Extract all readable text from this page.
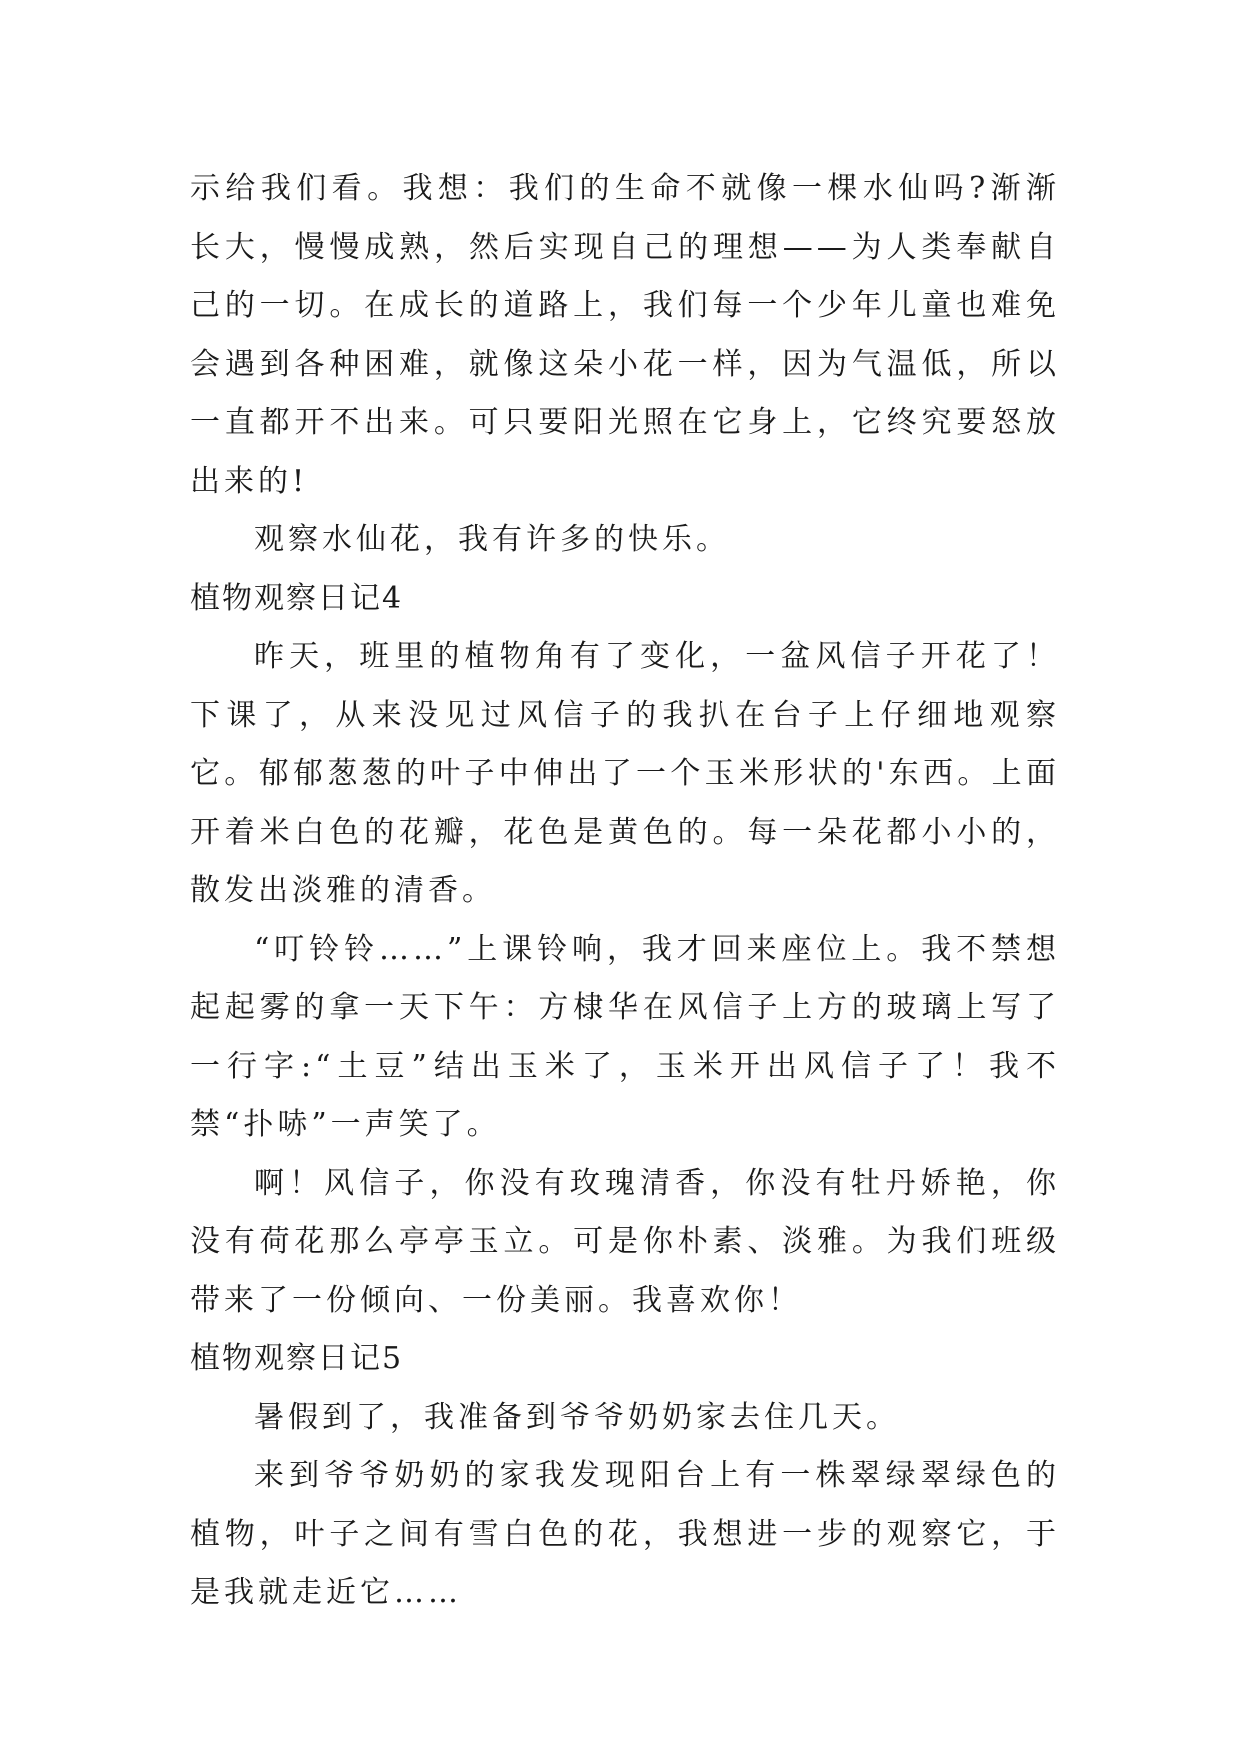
示给我们看。我想：我们的生命不就像一棵水仙吗?渐渐长大，慢慢成熟，然后实现自己的理想——为人类奉献自己的一切。在成长的道路上，我们每一个少年儿童也难免会遇到各种困难，就像这朵小花一样，因为气温低，所以一直都开不出来。可只要阳光照在它身上，它终究要怒放出来的!

观察水仙花，我有许多的快乐。

植物观察日记4

昨天，班里的植物角有了变化，一盆风信子开花了！下课了，从来没见过风信子的我扒在台子上仔细地观察它。郁郁葱葱的叶子中伸出了一个玉米形状的'东西。上面开着米白色的花瓣，花色是黄色的。每一朵花都小小的，散发出淡雅的清香。

“叮铃铃……”上课铃响，我才回来座位上。我不禁想起起雾的拿一天下午：方棣华在风信子上方的玻璃上写了一行字:“土豆”结出玉米了，玉米开出风信子了！我不禁“扑哧”一声笑了。

啊！风信子，你没有玫瑰清香，你没有牡丹娇艳，你没有荷花那么亭亭玉立。可是你朴素、淡雅。为我们班级带来了一份倾向、一份美丽。我喜欢你！

植物观察日记5

暑假到了，我准备到爷爷奶奶家去住几天。

来到爷爷奶奶的家我发现阳台上有一株翠绿翠绿色的植物，叶子之间有雪白色的花，我想进一步的观察它，于是我就走近它……
